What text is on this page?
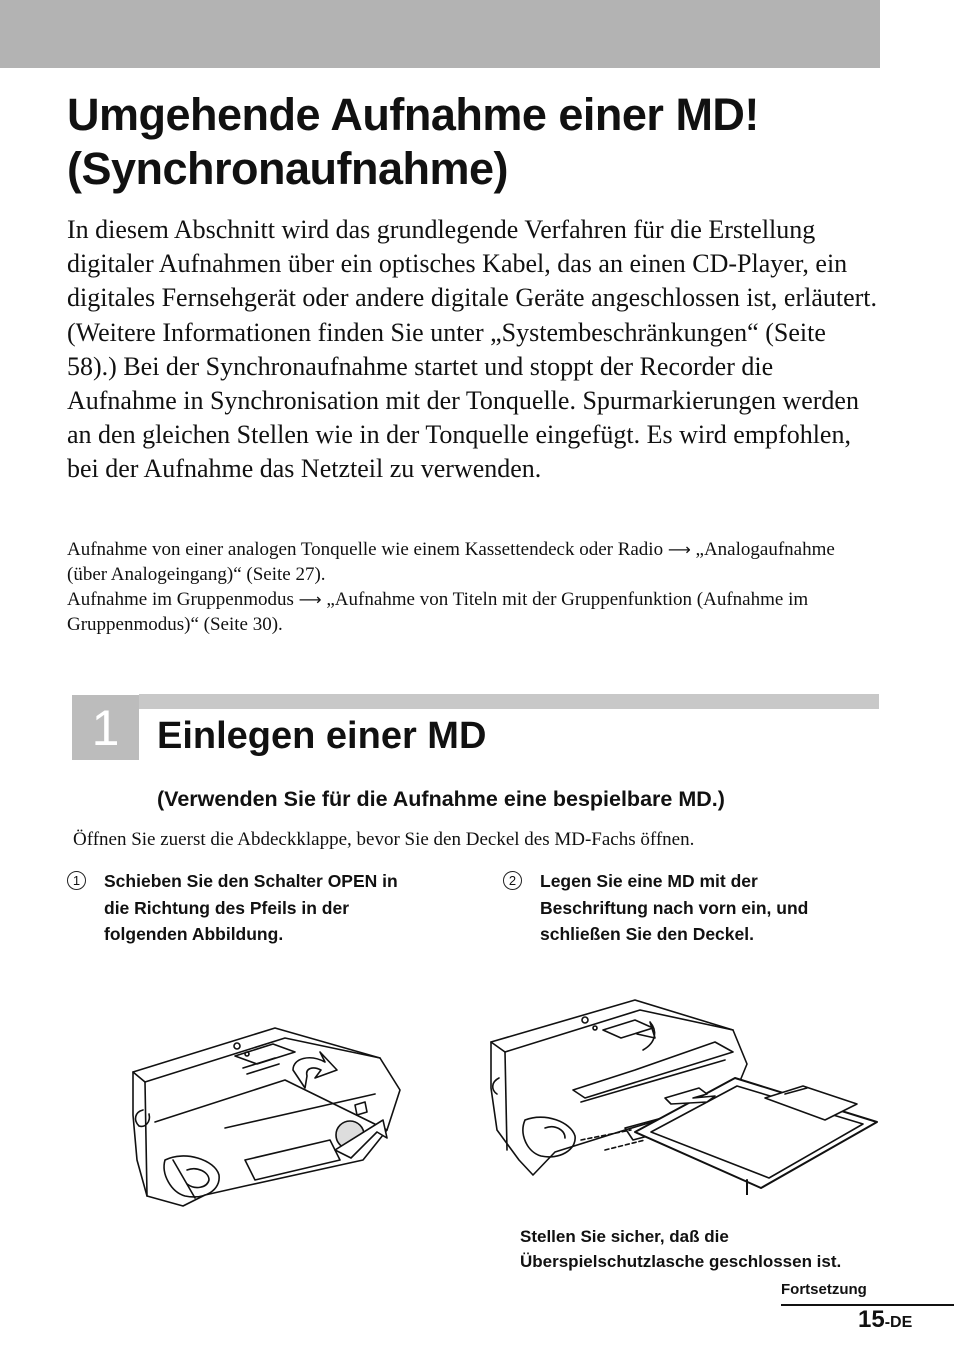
Umgehende Aufnahme einer MD!
(Synchronaufnahme)

In diesem Abschnitt wird das grundlegende Verfahren für die Erstellung digitaler Aufnahmen über ein optisches Kabel, das an einen CD-Player, ein digitales Fernsehgerät oder andere digitale Geräte angeschlossen ist, erläutert. (Weitere Informationen finden Sie unter „Systembeschränkungen“ (Seite 58).) Bei der Synchronaufnahme startet und stoppt der Recorder die Aufnahme in Synchronisation mit der Tonquelle. Spurmarkierungen werden an den gleichen Stellen wie in der Tonquelle eingefügt. Es wird empfohlen, bei der Aufnahme das Netzteil zu verwenden.

Aufnahme von einer analogen Tonquelle wie einem Kassettendeck oder Radio ⟶ „Analogaufnahme (über Analogeingang)“ (Seite 27).

Aufnahme im Gruppenmodus ⟶ „Aufnahme von Titeln mit der Gruppenfunktion (Aufnahme im Gruppenmodus)“ (Seite 30).

1 Einlegen einer MD
(Verwenden Sie für die Aufnahme eine bespielbare MD.)
Öffnen Sie zuerst die Abdeckklappe, bevor Sie den Deckel des MD-Fachs öffnen.
1	Schieben Sie den Schalter OPEN in die Richtung des Pfeils in der folgenden Abbildung.
2	Legen Sie eine MD mit der Beschriftung nach vorn ein, und schließen Sie den Deckel.
Stellen Sie sicher, daß die
Überspielschutzlasche geschlossen ist.
Fortsetzung
15-DE
